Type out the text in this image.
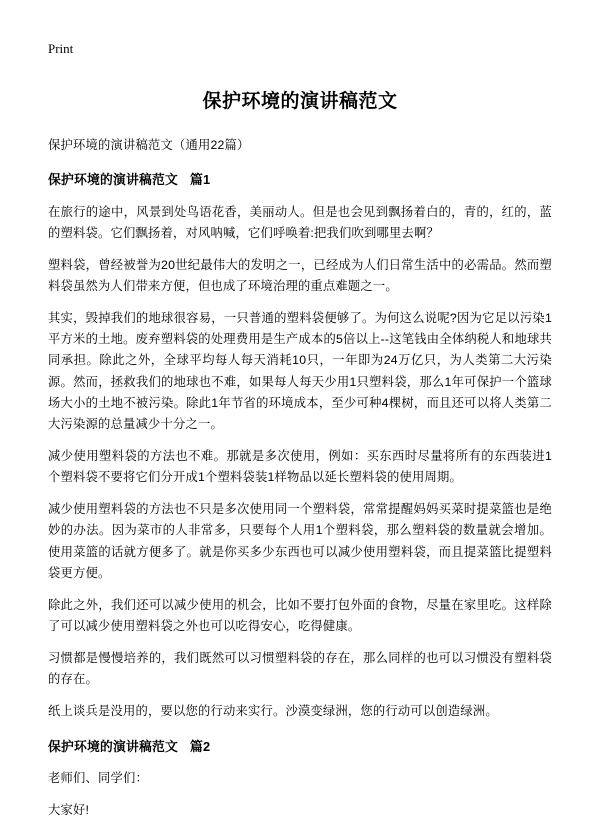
Print
保护环境的演讲稿范文

保护环境的演讲稿范文（通用22篇）

保护环境的演讲稿范文 篇1

在旅行的途中，风景到处鸟语花香，美丽动人。但是也会见到飘扬着白的，青的，红的，蓝的塑料袋。它们飘扬着，对风呐喊，它们呼唤着:把我们吹到哪里去啊？

塑料袋，曾经被誉为20世纪最伟大的发明之一，已经成为人们日常生活中的必需品。然而塑料袋虽然为人们带来方便，但也成了环境治理的重点难题之一。

其实，毁掉我们的地球很容易，一只普通的塑料袋便够了。为何这么说呢?因为它足以污染1平方米的土地。废弃塑料袋的处理费用是生产成本的5倍以上--这笔钱由全体纳税人和地球共同承担。除此之外，全球平均每人每天消耗10只，一年即为24万亿只，为人类第二大污染源。然而，拯救我们的地球也不难，如果每人每天少用1只塑料袋，那么1年可保护一个篮球场大小的土地不被污染。除此1年节省的环境成本，至少可种4棵树，而且还可以将人类第二大污染源的总量减少十分之一。

减少使用塑料袋的方法也不难。那就是多次使用，例如：买东西时尽量将所有的东西装进1个塑料袋不要将它们分开成1个塑料袋装1样物品以延长塑料袋的使用周期。

减少使用塑料袋的方法也不只是多次使用同一个塑料袋，常常提醒妈妈买菜时提菜篮也是绝妙的办法。因为菜市的人非常多，只要每个人用1个塑料袋，那么塑料袋的数量就会增加。使用菜篮的话就方便多了。就是你买多少东西也可以减少使用塑料袋，而且提菜篮比提塑料袋更方便。

除此之外，我们还可以减少使用的机会，比如不要打包外面的食物，尽量在家里吃。这样除了可以减少使用塑料袋之外也可以吃得安心，吃得健康。

习惯都是慢慢培养的，我们既然可以习惯塑料袋的存在，那么同样的也可以习惯没有塑料袋的存在。

纸上谈兵是没用的，要以您的行动来实行。沙漠变绿洲，您的行动可以创造绿洲。

保护环境的演讲稿范文 篇2

老师们、同学们：

大家好!
